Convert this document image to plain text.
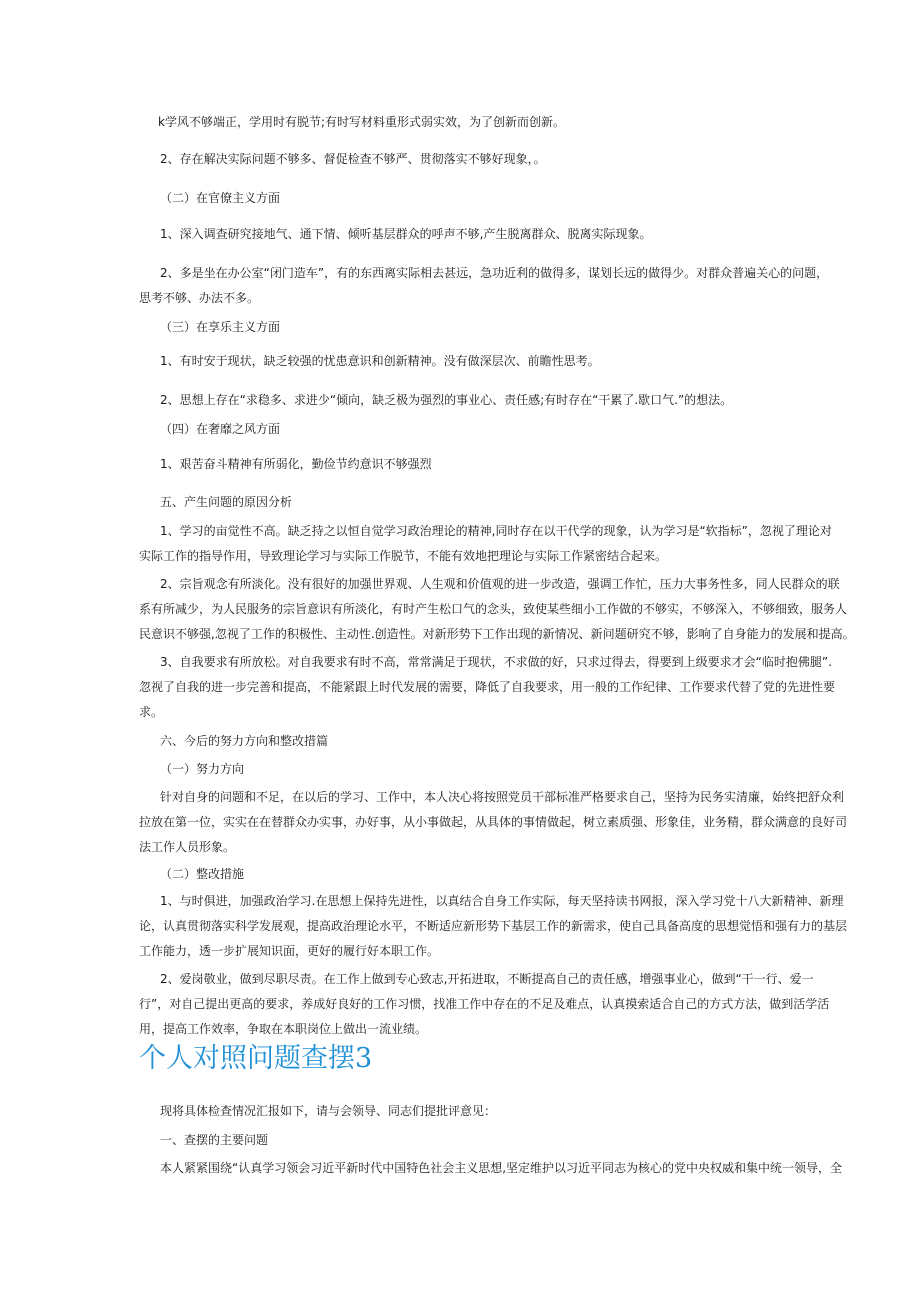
k学风不够端正，学用时有脱节;有时写材料重形式弱实效，为了创新而创新。
2、存在解决实际问题不够多、督促检查不够严、贯彻落实不够好现象，。
（二）在官僚主义方面
1、深入调查研究接地气、通下情、倾听基层群众的呼声不够,产生脱离群众、脱离实际现象。
2、多是坐在办公室“闭门造车”，有的东西离实际相去甚远，急功近利的做得多，谋划长远的做得少。对群众普遍关心的问题，
思考不够、办法不多。
（三）在享乐主义方面
1、有时安于现状，缺乏较强的忧患意识和创新精神。没有做深层次、前瞻性思考。
2、思想上存在“求稳多、求进少“倾向，缺乏极为强烈的事业心、责任感;有时存在“干累了.歇口气.”的想法。
（四）在奢靡之风方面
1、艰苦奋斗精神有所弱化，勤俭节约意识不够强烈
五、产生问题的原因分析
1、学习的亩觉性不高。缺乏持之以恒自觉学习政治理论的精神,同时存在以干代学的现象，认为学习是“软指标”，忽视了理论对
实际工作的指导作用，导致理论学习与实际工作脱节，不能有效地把理论与实际工作紧密结合起来。
2、宗旨观念有所淡化。没有很好的加强世界观、人生观和价值观的进一步改造，强调工作忙，压力大事务性多，同人民群众的联
系有所减少，为人民服务的宗旨意识有所淡化，有时产生松口气的念头，致使某些细小工作做的不够实，不够深入，不够细致，服务人
民意识不够强,忽视了工作的积极性、主动性.创造性。对新形势下工作出现的新情况、新问题研究不够，影响了自身能力的发展和提高。
3、自我要求有所放松。对自我要求有时不高，常常满足于现状，不求做的好，只求过得去，得要到上级要求才会“临时抱佛腿”.
忽视了自我的进一步完善和提高，不能紧跟上时代发展的需要，降低了自我要求，用一般的工作纪律、工作要求代替了党的先进性要
求。
六、今后的努力方向和整改措篇
（一）努力方向
针对自身的问题和不足，在以后的学习、工作中，本人决心将按照党员干部标准严格要求自己，坚持为民务实清廉，始终把舒众利
拉放在第一位，实实在在替群众办实事，办好事，从小事做起，从具体的事情做起，树立素质强、形象佳，业务精，群众满意的良好司
法工作人员形象。
（二）整改措施
1、与时俱进，加强政治学习.在思想上保持先进性，以真结合自身工作实际，每天坚持读书网报，深入学习党十八大新精神、新理
论，认真贯彻落实科学发展观，提高政治理论水平，不断适应新形势下基层工作的新需求，使自己具备高度的思想觉悟和强有力的基层
工作能力，透一步扩展知识面，更好的履行好本职工作。
2、爱岗敬业，做到尽职尽责。在工作上做到专心致志,开拓进取，不断提高自己的责任感，增强事业心，做到“干一行、爱一
行”，对自己提出更高的要求，养成好良好的工作习惯，找准工作中存在的不足及难点，认真摸索适合自己的方式方法，做到活学活
用，提高工作效率，争取在本职岗位上做出一流业绩。
现将具体检查情况汇报如下，请与会领导、同志们提批评意见：
一、查摆的主要问题
本人紧紧围绕“认真学习领会习近平新时代中国特色社会主义思想,坚定维护以习近平同志为核心的党中央权威和集中统一领导，全
个人对照问题查摆3
